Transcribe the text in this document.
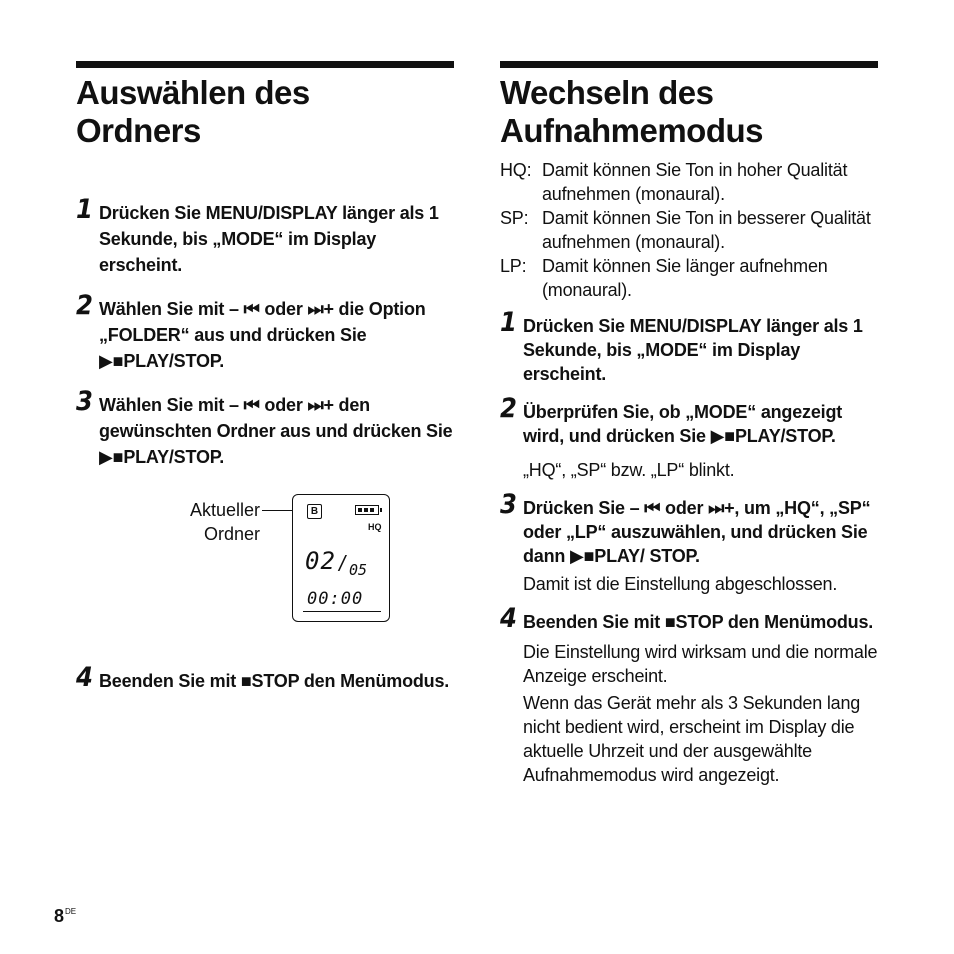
Auswählen des
Ordners
1 Drücken Sie MENU/DISPLAY länger als 1 Sekunde, bis „MODE“ im Display erscheint.
2 Wählen Sie mit – ⏮ oder ⏭+ die Option „FOLDER“ aus und drücken Sie ▶■PLAY/STOP.
3 Wählen Sie mit – ⏮ oder ⏭+ den gewünschten Ordner aus und drücken Sie ▶■PLAY/STOP.
Aktueller
Ordner
B
HQ
02 / 05
00:00
4 Beenden Sie mit ■STOP den Menümodus.
Wechseln des
Aufnahmemodus
HQ: Damit können Sie Ton in hoher Qualität aufnehmen (monaural).
SP: Damit können Sie Ton in besserer Qualität aufnehmen (monaural).
LP: Damit können Sie länger aufnehmen (monaural).
1 Drücken Sie MENU/DISPLAY länger als 1 Sekunde, bis „MODE“ im Display erscheint.
2 Überprüfen Sie, ob „MODE“ angezeigt wird, und drücken Sie ▶■PLAY/STOP.
„HQ“, „SP“ bzw. „LP“ blinkt.
3 Drücken Sie – ⏮ oder ⏭+, um „HQ“, „SP“ oder „LP“ auszuwählen, und drücken Sie dann ▶■PLAY/ STOP.
Damit ist die Einstellung abgeschlossen.
4 Beenden Sie mit ■STOP den Menümodus.
Die Einstellung wird wirksam und die normale Anzeige erscheint.
Wenn das Gerät mehr als 3 Sekunden lang nicht bedient wird, erscheint im Display die aktuelle Uhrzeit und der ausgewählte Aufnahmemodus wird angezeigt.
8DE
